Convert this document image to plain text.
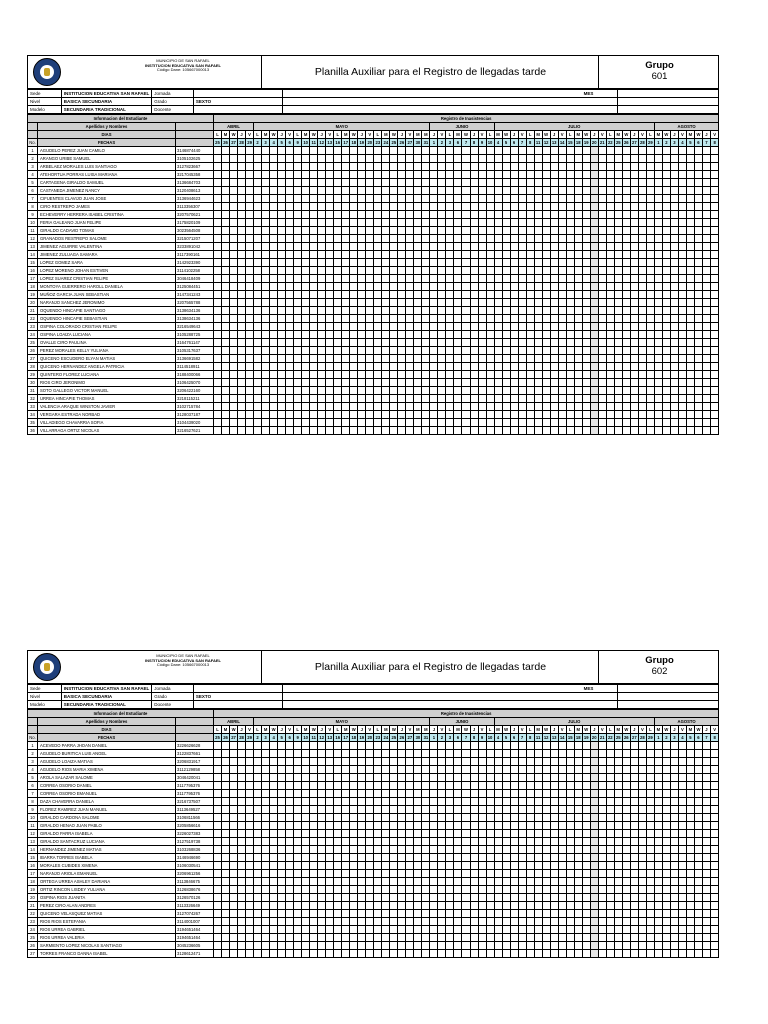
MUNICIPIO DE SAN RAFAEL
INSTITUCION EDUCATIVA SAN RAFAEL
Código Dane: 105667000013	Planilla Auxiliar para el Registro de llegadas tarde
Grupo
601
Sede	INSTITUCION EDUCATIVA SAN RAFAEL	Jornada		MES	
Nivel	BASICA SECUNDARIA	Grado	SEXTO		
Modelo	SECUNDARIA TRADICIONAL	Docente			
Informacion del Estudiante	Registro de Inasistencias
	Apellidos y Nombres		ABRIL	MAYO	JUNIO	JULIO	AGOSTO
	DIAS		L	M	W	J	V	L	M	W	J	V	L	M	W	J	V	L	M	W	J	V	L	M	W	J	V	M	M	J	V	L	M	W	J	V	L	M	W	J	V	L	M	W	J	V	L	M	W	J	V	L	M	W	J	V	L	M	W	J	V	M	W	J	V
No.	FECHAS		25	26	27	28	29	2	3	4	5	6	9	10	11	12	13	16	17	18	19	20	23	24	25	26	27	30	31	1	2	3	6	7	8	9	10	4	5	6	7	8	11	12	13	14	15	18	19	20	21	22	25	26	27	28	29	1	2	3	4	5	6	7	8
1	AGUDELO PEREZ JUAN CAMILO	3146874440																																																															
2	ARANGO URIBE SAMUEL	3105102625																																																															
3	ARBELAEZ MORALES LUIS SANTIAGO	3127823667																																																															
4	ATEHORTUA PORRAS LUISA MARIANA	3217045358																																																															
5	CARTAGENA GIRALDO SAMUEL	3136684703																																																															
6	CASTANEDA JIMENEZ NANCY	3120408613																																																															
7	CIFUENTES CLAVIJO JUAN JOSE	3136944623																																																															
8	CIRO RESTREPO JAMES	3113356307																																																															
9	ECHEVERRY HERRERA ISABEL CRISTINA	3207570621																																																															
10	FERIA GALEANO JUAN FELIPE	3175820109																																																															
11	GIRALDO CADAVID TOMAS	3023564508																																																															
12	GRANADOS RESTREPO SALOME	3215071207																																																															
13	JIMENEZ AGUIRRE VALENTINA	3233891042																																																															
14	JIMENEZ ZULUAGA SAMARA	3117390161																																																															
15	LOPEZ GOMEZ SARA	3142923390																																																															
16	LOPEZ MORENO JOHAN ESTIVEN	3114102258																																																															
17	LOPEZ SUAREZ CRISTIAN FELIPE	3046418409																																																															
18	MONTOYA GUERRERO HAROLL DANIELA	3125084451																																																															
19	MUÑOZ GARCIA JUAN SEBASTIAN	3147341243																																																															
20	NARANJO SANCHEZ JERONIMO	3207565788																																																															
21	OQUENDO HINCAPIE SANTIAGO	3138634136																																																															
22	OQUENDO HINCAPIE SEBASTIAN	3138634136																																																															
23	OSPINA COLORADO CRISTIAN FELIPE	3216549643																																																															
24	OSPINA LOAIZA LUCIANA	3105288725																																																															
25	OVALLE CIRO PAULINA	3164761147																																																															
26	PEREZ MORALES KELLY YULIANA	3105317637																																																															
27	QUICENO ESCUDERO ELYAN MATIAS	3136691582																																																															
28	QUICENO HERNANDEZ ANGELA PATRICIA	3114518911																																																															
29	QUINTERO FLOREZ LUCIANA	3188400066																																																															
30	RIOS CIRO JERONIMO	3106425070																																																															
31	SOTO GALLEGO VICTOR MANUEL	3206422160																																																															
32	URREA HINCAPIE THOMAS	3218115211																																																															
33	VALENCIA ARAQUE WINSTON JAVIER	3102715784																																																															
34	VERGARA ESTRADA NORBAD	3128037187																																																															
35	VILLADIEGO CHAVARRIA SOFIA	3104439020																																																															
36	VILLARRAGA ORTIZ NICOLAS	3216527621																																																															
MUNICIPIO DE SAN RAFAEL
INSTITUCION EDUCATIVA SAN RAFAEL
Código Dane: 105667000013	Planilla Auxiliar para el Registro de llegadas tarde
Grupo
602
Sede	INSTITUCION EDUCATIVA SAN RAFAEL	Jornada		MES	
Nivel	BASICA SECUNDARIA	Grado	SEXTO		
Modelo	SECUNDARIA TRADICIONAL	Docente			
Informacion del Estudiante	Registro de Inasistencias
	Apellidos y Nombres		ABRIL	MAYO	JUNIO	JULIO	AGOSTO
	DIAS		L	M	W	J	V	L	M	W	J	V	L	M	W	J	V	L	M	W	J	V	L	M	W	J	V	M	M	J	V	L	M	W	J	V	L	M	W	J	V	L	M	W	J	V	L	M	W	J	V	L	M	W	J	V	L	M	W	J	V	M	W	J	V
No.	FECHAS		25	26	27	28	29	2	3	4	5	6	9	10	11	12	13	16	17	18	19	20	23	24	25	26	27	30	31	1	2	3	6	7	8	9	10	4	5	6	7	8	11	12	13	14	15	18	19	20	21	22	25	26	27	28	29	1	2	3	4	5	6	7	8
1	ACEVEDO PARRA JHOAN DANIEL	3226626628																																																															
2	AGUDELO BURITICA LUIS ANGEL	3122837661																																																															
3	AGUDELO LOAIZA MATIAS	3206831917																																																															
4	AGUDELO RIOS MARIA XIMENA	3112129858																																																															
5	AROLA SALAZAR SALOME	3046420041																																																															
6	CORREA OSORIO DANIEL	3117795376																																																															
7	CORREA OSORIO EMANUEL	3117795376																																																															
8	DAZA CHAVERRA DANIELA	3216737507																																																															
9	FLOREZ RAMIREZ JUAN MANUEL	3113649527																																																															
10	GIRALDO CARDONA SALOME	3106811566																																																															
11	GIRALDO HENAO JUAN PABLO	3205856616																																																															
12	GIRALDO PARRA ISABELA	3226027383																																																															
13	GIRALDO SANTACRUZ LUCIANA	3127519738																																																															
14	HERNANDEZ JIMENEZ MATIAS	3103268836																																																															
15	IBARRA TORRES ISABELA	3146946690																																																															
16	MORALES CUBIDES XIMENA	3106030541																																																															
17	NARANJO ARIOLA EMANUEL	3206961256																																																															
18	ORTEGA URREA ASHLEY DARIANA	3113846675																																																															
19	ORTIZ RINCON LISDEY YULIANA	3126838676																																																															
20	OSPINA RIOS JUANITA	3126570126																																																															
21	PEREZ CIRO ALAN ANDRES	3113326649																																																															
22	QUICENO VELASQUEZ MATIAS	3127074267																																																															
23	RIOS RIOS ESTEFANIA	3114001007																																																															
24	RIOS URREA GABRIEL	3194651464																																																															
25	RIOS URREA VALERIA	3194651464																																																															
26	SARMIENTO LOPEZ NICOLAS SANTIAGO	3045236605																																																															
27	TORRES FRANCO DANNA ISABEL	3128612471																																																															
